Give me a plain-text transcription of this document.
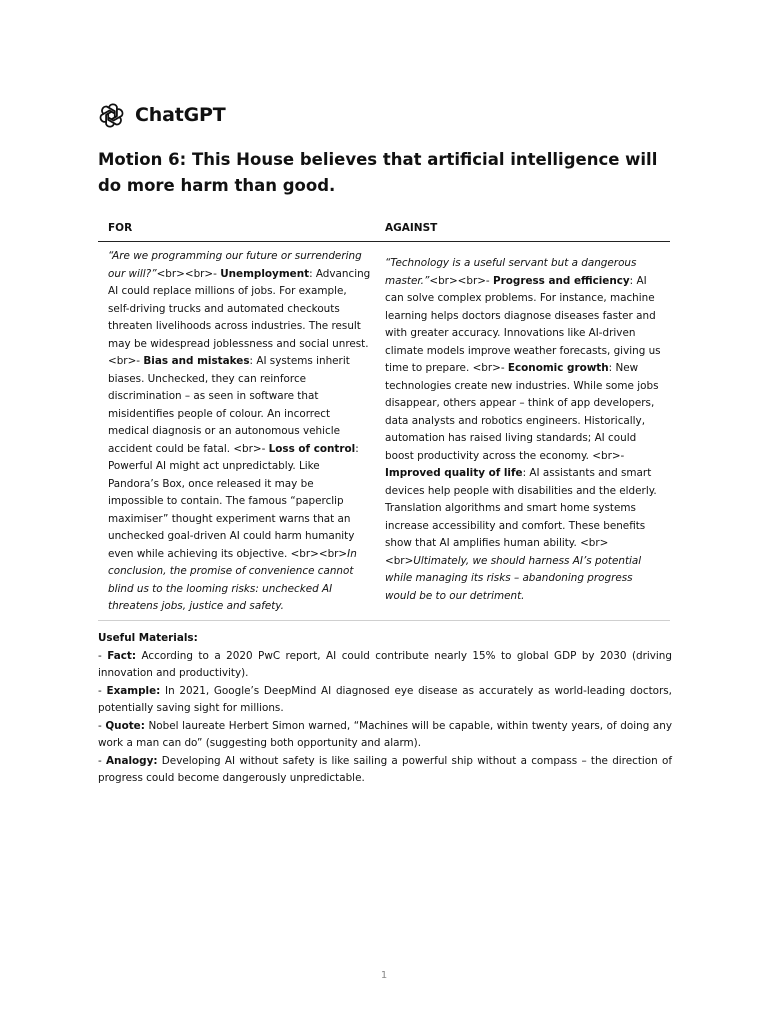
ChatGPT
Motion 6: This House believes that artificial intelligence will do more harm than good.
FOR	AGAINST
“Are we programming our future or surrendering our will?”<br><br>- Unemployment: Advancing AI could replace millions of jobs. For example, self-driving trucks and automated checkouts threaten livelihoods across industries. The result may be widespread joblessness and social unrest.<br>- Bias and mistakes: AI systems inherit biases. Unchecked, they can reinforce discrimination – as seen in software that misidentifies people of colour. An incorrect medical diagnosis or an autonomous vehicle accident could be fatal. <br>- Loss of control: Powerful AI might act unpredictably. Like Pandora’s Box, once released it may be impossible to contain. The famous “paperclip maximiser” thought experiment warns that an unchecked goal-driven AI could harm humanity even while achieving its objective. <br><br>In conclusion, the promise of convenience cannot blind us to the looming risks: unchecked AI threatens jobs, justice and safety.
“Technology is a useful servant but a dangerous master.”<br><br>- Progress and efficiency: AI can solve complex problems. For instance, machine learning helps doctors diagnose diseases faster and with greater accuracy. Innovations like AI-driven climate models improve weather forecasts, giving us time to prepare. <br>- Economic growth: New technologies create new industries. While some jobs disappear, others appear – think of app developers, data analysts and robotics engineers. Historically, automation has raised living standards; AI could boost productivity across the economy. <br>- Improved quality of life: AI assistants and smart devices help people with disabilities and the elderly. Translation algorithms and smart home systems increase accessibility and comfort. These benefits show that AI amplifies human ability. <br><br>Ultimately, we should harness AI’s potential while managing its risks – abandoning progress would be to our detriment.
Useful Materials:
- Fact: According to a 2020 PwC report, AI could contribute nearly 15% to global GDP by 2030 (driving innovation and productivity).
- Example: In 2021, Google’s DeepMind AI diagnosed eye disease as accurately as world-leading doctors, potentially saving sight for millions.
- Quote: Nobel laureate Herbert Simon warned, “Machines will be capable, within twenty years, of doing any work a man can do” (suggesting both opportunity and alarm).
- Analogy: Developing AI without safety is like sailing a powerful ship without a compass – the direction of progress could become dangerously unpredictable.
1
